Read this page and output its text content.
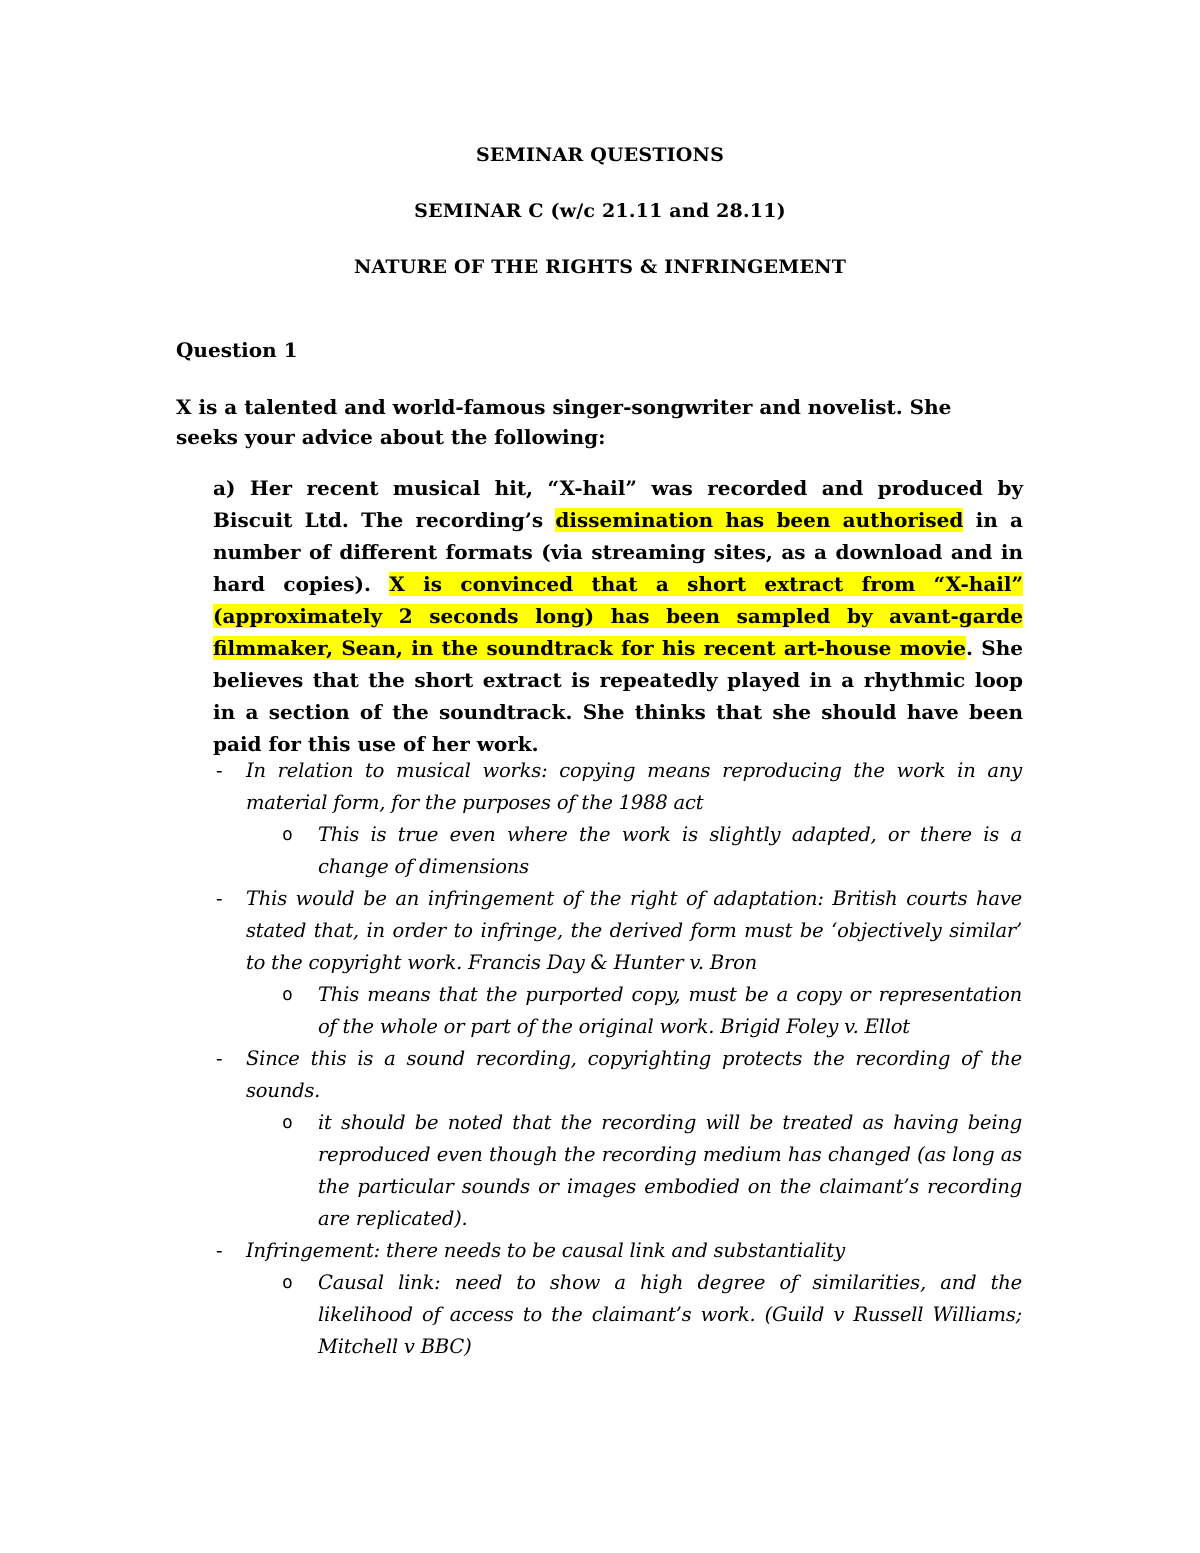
SEMINAR QUESTIONS
SEMINAR C (w/c 21.11 and 28.11)
NATURE OF THE RIGHTS & INFRINGEMENT
Question 1
X is a talented and world-famous singer-songwriter and novelist. She seeks your advice about the following:
a) Her recent musical hit, “X-hail” was recorded and produced by Biscuit Ltd. The recording’s dissemination has been authorised in a number of different formats (via streaming sites, as a download and in hard copies). X is convinced that a short extract from “X-hail” (approximately 2 seconds long) has been sampled by avant-garde filmmaker, Sean, in the soundtrack for his recent art-house movie. She believes that the short extract is repeatedly played in a rhythmic loop in a section of the soundtrack. She thinks that she should have been paid for this use of her work.
- In relation to musical works: copying means reproducing the work in any material form, for the purposes of the 1988 act
o This is true even where the work is slightly adapted, or there is a change of dimensions
- This would be an infringement of the right of adaptation: British courts have stated that, in order to infringe, the derived form must be ‘objectively similar’ to the copyright work. Francis Day & Hunter v. Bron
o This means that the purported copy, must be a copy or representation of the whole or part of the original work. Brigid Foley v. Ellot
- Since this is a sound recording, copyrighting protects the recording of the sounds.
o it should be noted that the recording will be treated as having being reproduced even though the recording medium has changed (as long as the particular sounds or images embodied on the claimant’s recording are replicated).
- Infringement: there needs to be causal link and substantiality
o Causal link: need to show a high degree of similarities, and the likelihood of access to the claimant’s work. (Guild v Russell Williams; Mitchell v BBC)
